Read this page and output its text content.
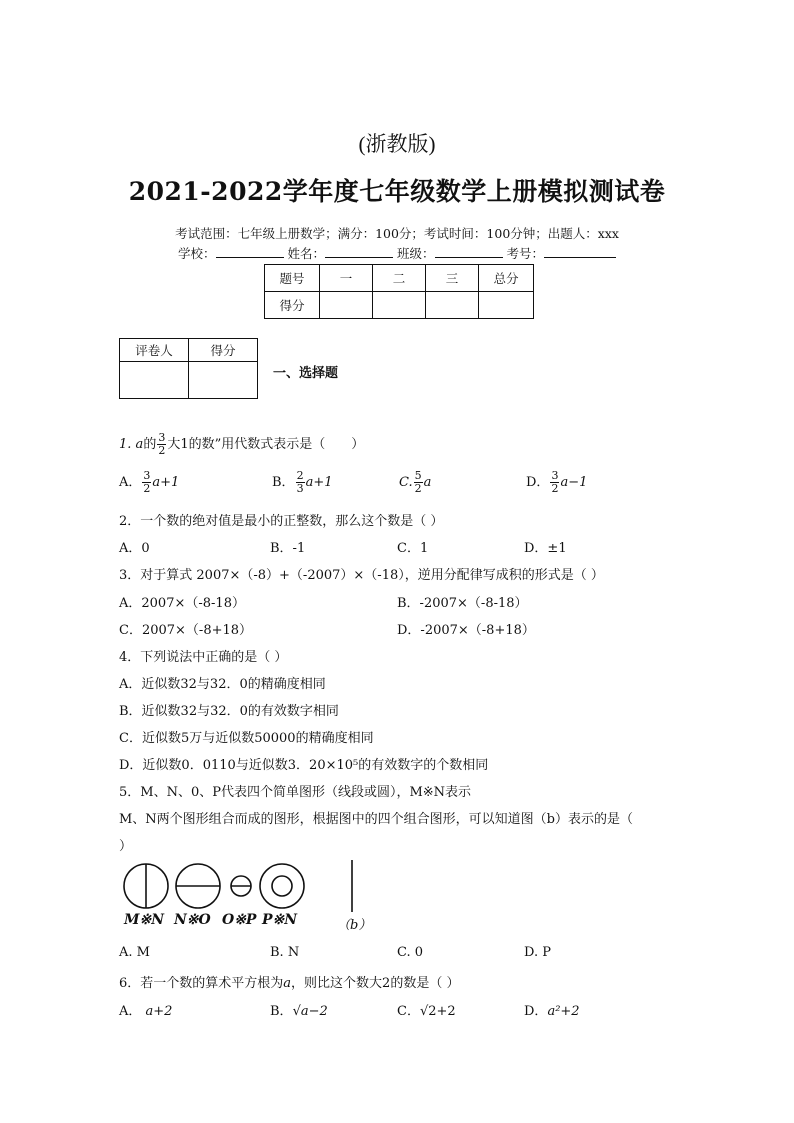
(浙教版)
2021-2022学年度七年级数学上册模拟测试卷
考试范围：七年级上册数学；满分：100分；考试时间：100分钟；出题人：xxx
学校：	姓名：	班级：	考号：
题号	一	二	三	总分
得分				
评卷人	得分

一、选择题
1. a的 $\frac{3}{2}$ 大1的数”用代数式表示是（　　）
A． $\frac{3}{2} a+1$	B． $\frac{2}{3} a+1$	C. $\frac{5}{2}$ a	D． $\frac{3}{2} a-1$
2．一个数的绝对值是最小的正整数，那么这个数是（ ）
A．0	B．-1	C．1	D．±1
3．对于算式 2007×（-8）+（-2007）×（-18），逆用分配律写成积的形式是（ ）
A．2007×（-8-18）	B．-2007×（-8-18）
C．2007×（-8+18）	D．-2007×（-8+18）
4．下列说法中正确的是（ ）
A．近似数32与32．0的精确度相同
B．近似数32与32．0的有效数字相同
C．近似数5万与近似数50000的精确度相同
D．近似数0．0110与近似数3．20×10⁵的有效数字的个数相同
5．M、N、0、P代表四个简单图形（线段或圆），M※N表示
M、N两个图形组合而成的图形，根据图中的四个组合图形，可以知道图（b）表示的是（
）
M※N N※O O※P P※N	（b）
A. M	B. N	C. 0	D. P
6．若一个数的算术平方根为a，则比这个数大2的数是（ ）
A． a+2	B．√a−2	C．√2+2	D．a²+2
